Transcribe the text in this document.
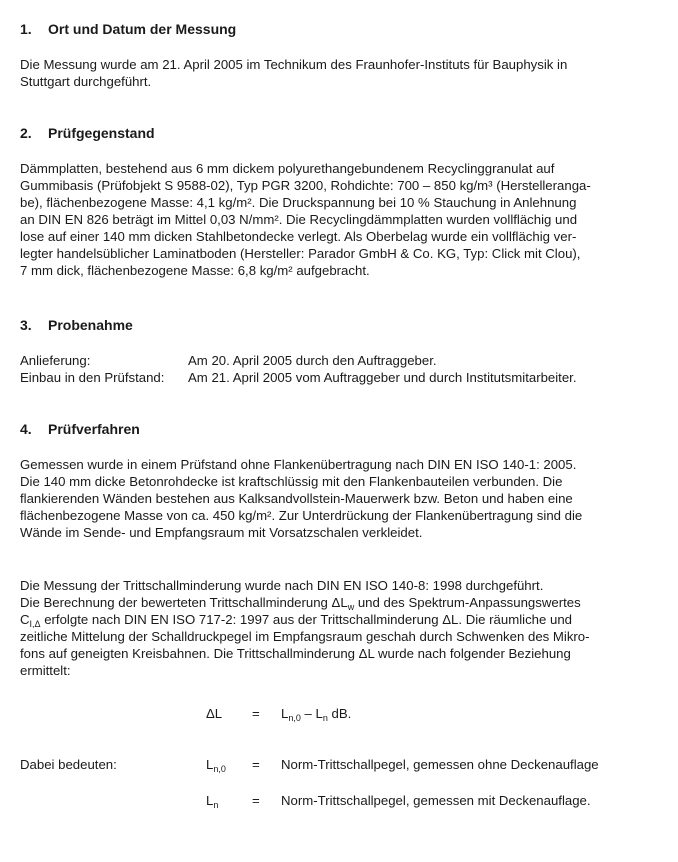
1. Ort und Datum der Messung
Die Messung wurde am 21. April 2005 im Technikum des Fraunhofer-Instituts für Bauphysik in
Stuttgart durchgeführt.
2. Prüfgegenstand
Dämmplatten, bestehend aus 6 mm dickem polyurethangebundenem Recyclinggranulat auf
Gummibasis (Prüfobjekt S 9588-02), Typ PGR 3200, Rohdichte: 700 – 850 kg/m³ (Herstelleranga-
be), flächenbezogene Masse: 4,1 kg/m². Die Druckspannung bei 10 % Stauchung in Anlehnung
an DIN EN 826 beträgt im Mittel 0,03 N/mm². Die Recyclingdämmplatten wurden vollflächig und
lose auf einer 140 mm dicken Stahlbetondecke verlegt. Als Oberbelag wurde ein vollflächig ver-
legter handelsüblicher Laminatboden (Hersteller: Parador GmbH & Co. KG, Typ: Click mit Clou),
7 mm dick, flächenbezogene Masse: 6,8 kg/m² aufgebracht.
3. Probenahme
Anlieferung:	Am 20. April 2005 durch den Auftraggeber.
Einbau in den Prüfstand: Am 21. April 2005 vom Auftraggeber und durch Institutsmitarbeiter.
4. Prüfverfahren
Gemessen wurde in einem Prüfstand ohne Flankenübertragung nach DIN EN ISO 140-1: 2005.
Die 140 mm dicke Betonrohdecke ist kraftschlüssig mit den Flankenbauteilen verbunden. Die
flankierenden Wänden bestehen aus Kalksandvollstein-Mauerwerk bzw. Beton und haben eine
flächenbezogene Masse von ca. 450 kg/m². Zur Unterdrückung der Flankenübertragung sind die
Wände im Sende- und Empfangsraum mit Vorsatzschalen verkleidet.
Die Messung der Trittschallminderung wurde nach DIN EN ISO 140-8: 1998 durchgeführt.
Die Berechnung der bewerteten Trittschallminderung $\Delta L_w$ und des Spektrum-Anpassungswertes
$C_{I,\Delta}$ erfolgte nach DIN EN ISO 717-2: 1997 aus der Trittschallminderung ΔL. Die räumliche und
zeitliche Mittelung der Schalldruckpegel im Empfangsraum geschah durch Schwenken des Mikro-
fons auf geneigten Kreisbahnen. Die Trittschallminderung ΔL wurde nach folgender Beziehung
ermittelt:
$\Delta L = L_{n,0} - L_n$ dB.
Dabei bedeuten:	$L_{n,0}$ = Norm-Trittschallpegel, gemessen ohne Deckenauflage
$L_n$	= Norm-Trittschallpegel, gemessen mit Deckenauflage.
